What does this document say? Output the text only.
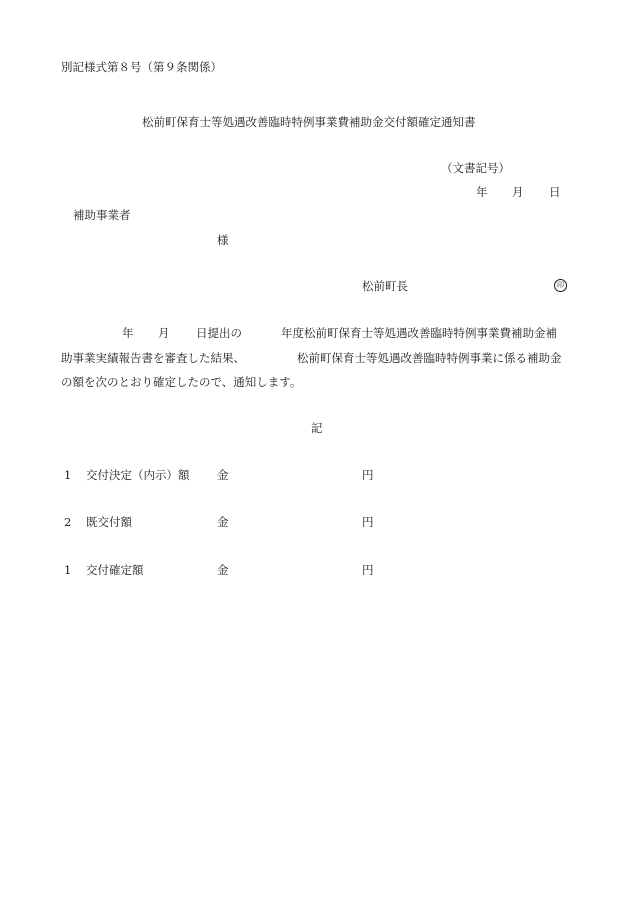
別記様式第８号（第９条関係）
松前町保育士等処遇改善臨時特例事業費補助金交付額確定通知書
（文書記号）
年 月 日
補助事業者
様
松前町長	印
年 月 日提出の	年度松前町保育士等処遇改善臨時特例事業費補助金補
助事業実績報告書を審査した結果、	松前町保育士等処遇改善臨時特例事業に係る補助金
の額を次のとおり確定したので、通知します。
記
1 交付決定（内示）額 金	円
2 既交付額	金	円
1 交付確定額	金	円
